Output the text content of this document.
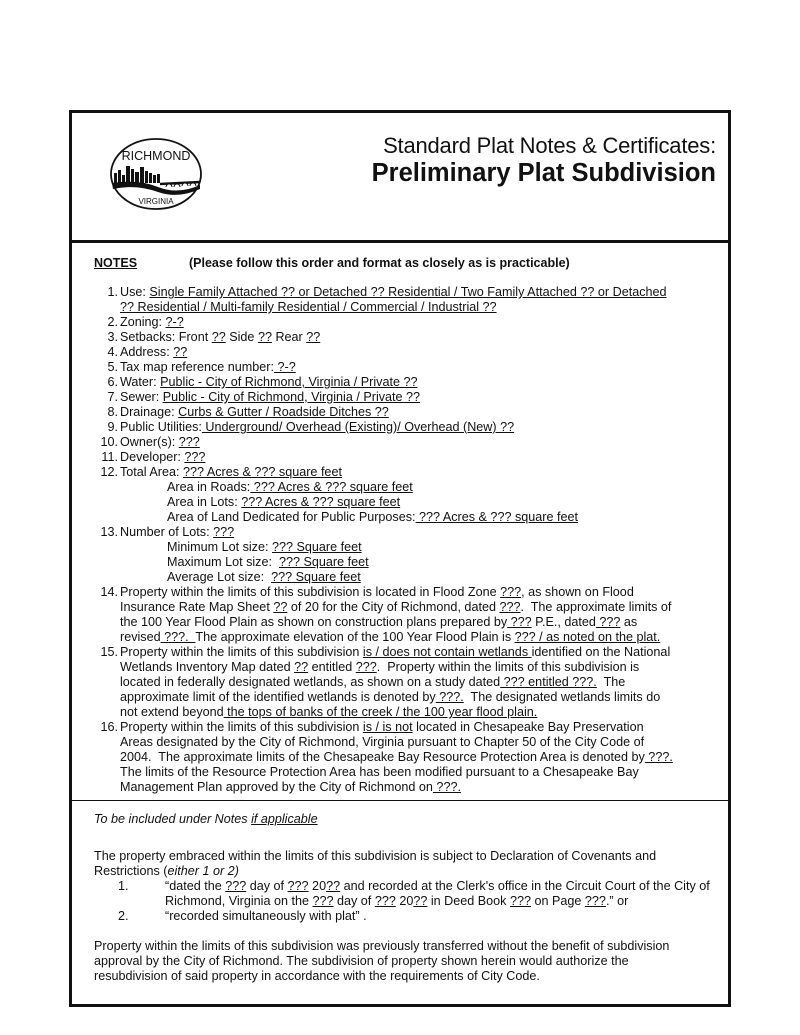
RICHMOND
VIRGINIA
Standard Plat Notes & Certificates:
Preliminary Plat Subdivision
NOTES	(Please follow this order and format as closely as is practicable)
1. Use: Single Family Attached ?? or Detached ?? Residential / Two Family Attached ?? or Detached
?? Residential / Multi-family Residential / Commercial / Industrial ??
2. Zoning: ?-?
3. Setbacks: Front ?? Side ?? Rear ??
4. Address: ??
5. Tax map reference number: ?-?
6. Water: Public - City of Richmond, Virginia / Private ??
7. Sewer: Public - City of Richmond, Virginia / Private ??
8. Drainage: Curbs & Gutter / Roadside Ditches ??
9. Public Utilities: Underground/ Overhead (Existing)/ Overhead (New) ??
10. Owner(s): ???
11. Developer: ???
12. Total Area: ??? Acres & ??? square feet
Area in Roads: ??? Acres & ??? square feet
Area in Lots: ??? Acres & ??? square feet
Area of Land Dedicated for Public Purposes: ??? Acres & ??? square feet
13. Number of Lots: ???
Minimum Lot size: ??? Square feet
Maximum Lot size:  ??? Square feet
Average Lot size:  ??? Square feet
14. Property within the limits of this subdivision is located in Flood Zone ???, as shown on Flood
Insurance Rate Map Sheet ?? of 20 for the City of Richmond, dated ???.  The approximate limits of
the 100 Year Flood Plain as shown on construction plans prepared by ??? P.E., dated ??? as
revised ???.  The approximate elevation of the 100 Year Flood Plain is ??? / as noted on the plat.
15. Property within the limits of this subdivision is / does not contain wetlands identified on the National
Wetlands Inventory Map dated ?? entitled ???.  Property within the limits of this subdivision is
located in federally designated wetlands, as shown on a study dated ??? entitled ???.  The
approximate limit of the identified wetlands is denoted by ???.  The designated wetlands limits do
not extend beyond the tops of banks of the creek / the 100 year flood plain.
16. Property within the limits of this subdivision is / is not located in Chesapeake Bay Preservation
Areas designated by the City of Richmond, Virginia pursuant to Chapter 50 of the City Code of
2004.  The approximate limits of the Chesapeake Bay Resource Protection Area is denoted by ???.
The limits of the Resource Protection Area has been modified pursuant to a Chesapeake Bay
Management Plan approved by the City of Richmond on ???.
To be included under Notes if applicable
The property embraced within the limits of this subdivision is subject to Declaration of Covenants and
Restrictions (either 1 or 2)
1.	“dated the ??? day of ??? 20?? and recorded at the Clerk's office in the Circuit Court of the City of
Richmond, Virginia on the ??? day of ??? 20?? in Deed Book ??? on Page ???.” or
2.	“recorded simultaneously with plat” .
Property within the limits of this subdivision was previously transferred without the benefit of subdivision
approval by the City of Richmond. The subdivision of property shown herein would authorize the
resubdivision of said property in accordance with the requirements of City Code.
